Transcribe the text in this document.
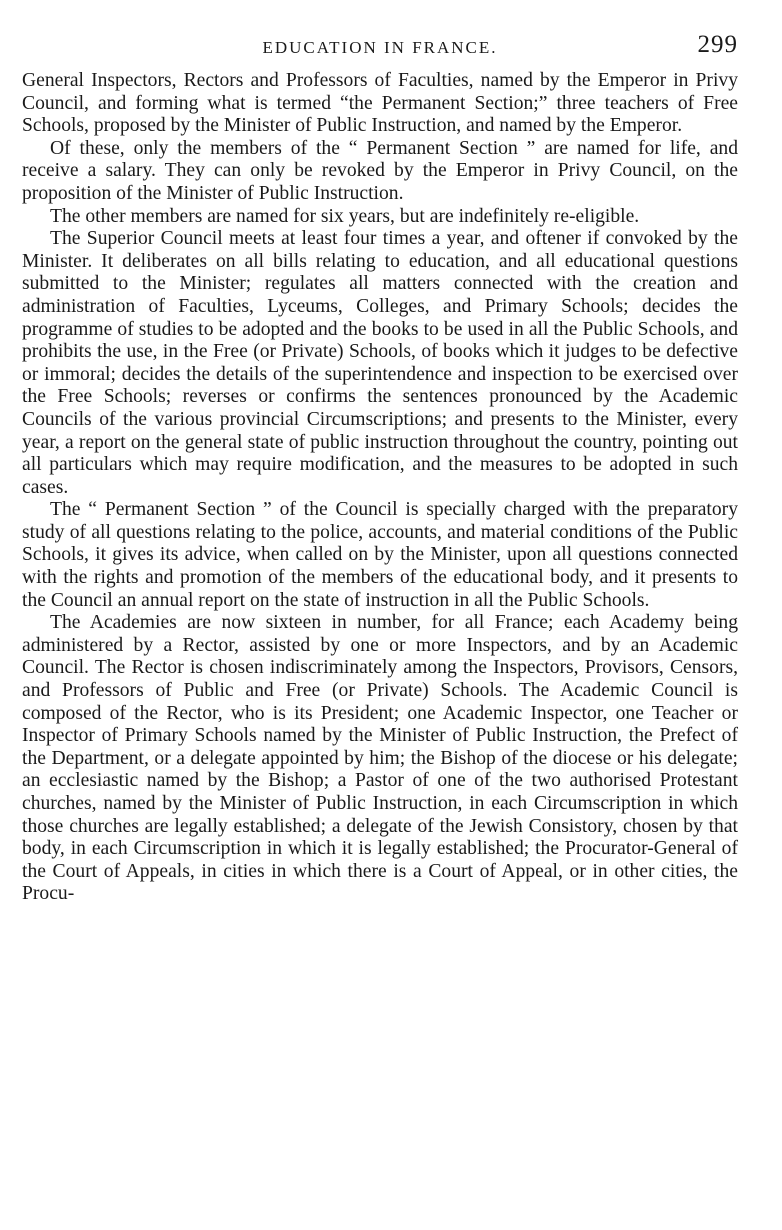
EDUCATION IN FRANCE.	299

General Inspectors, Rectors and Professors of Faculties, named by the Emperor in Privy Council, and forming what is termed “the Permanent Section;” three teachers of Free Schools, proposed by the Minister of Public Instruction, and named by the Emperor.

Of these, only the members of the “ Permanent Section ” are named for life, and receive a salary. They can only be revoked by the Emperor in Privy Council, on the proposition of the Minister of Public Instruction.

The other members are named for six years, but are indefinitely re-eligible.

The Superior Council meets at least four times a year, and oftener if convoked by the Minister. It deliberates on all bills relating to education, and all educational questions submitted to the Minister; regulates all matters connected with the creation and administration of Faculties, Lyceums, Colleges, and Primary Schools; decides the programme of studies to be adopted and the books to be used in all the Public Schools, and prohibits the use, in the Free (or Private) Schools, of books which it judges to be defective or immoral; decides the details of the superintendence and inspection to be exercised over the Free Schools; reverses or confirms the sentences pronounced by the Academic Councils of the various provincial Circumscriptions; and presents to the Minister, every year, a report on the general state of public instruction throughout the country, pointing out all particulars which may require modification, and the measures to be adopted in such cases.

The “ Permanent Section ” of the Council is specially charged with the preparatory study of all questions relating to the police, accounts, and material conditions of the Public Schools, it gives its advice, when called on by the Minister, upon all questions connected with the rights and promotion of the members of the educational body, and it presents to the Council an annual report on the state of instruction in all the Public Schools.

The Academies are now sixteen in number, for all France; each Academy being administered by a Rector, assisted by one or more Inspectors, and by an Academic Council. The Rector is chosen indiscriminately among the Inspectors, Provisors, Censors, and Professors of Public and Free (or Private) Schools. The Academic Council is composed of the Rector, who is its President; one Academic Inspector, one Teacher or Inspector of Primary Schools named by the Minister of Public Instruction, the Prefect of the Department, or a delegate appointed by him; the Bishop of the diocese or his delegate; an ecclesiastic named by the Bishop; a Pastor of one of the two authorised Protestant churches, named by the Minister of Public Instruction, in each Circumscription in which those churches are legally established; a delegate of the Jewish Consistory, chosen by that body, in each Circumscription in which it is legally established; the Procurator-General of the Court of Appeals, in cities in which there is a Court of Appeal, or in other cities, the Procu-
